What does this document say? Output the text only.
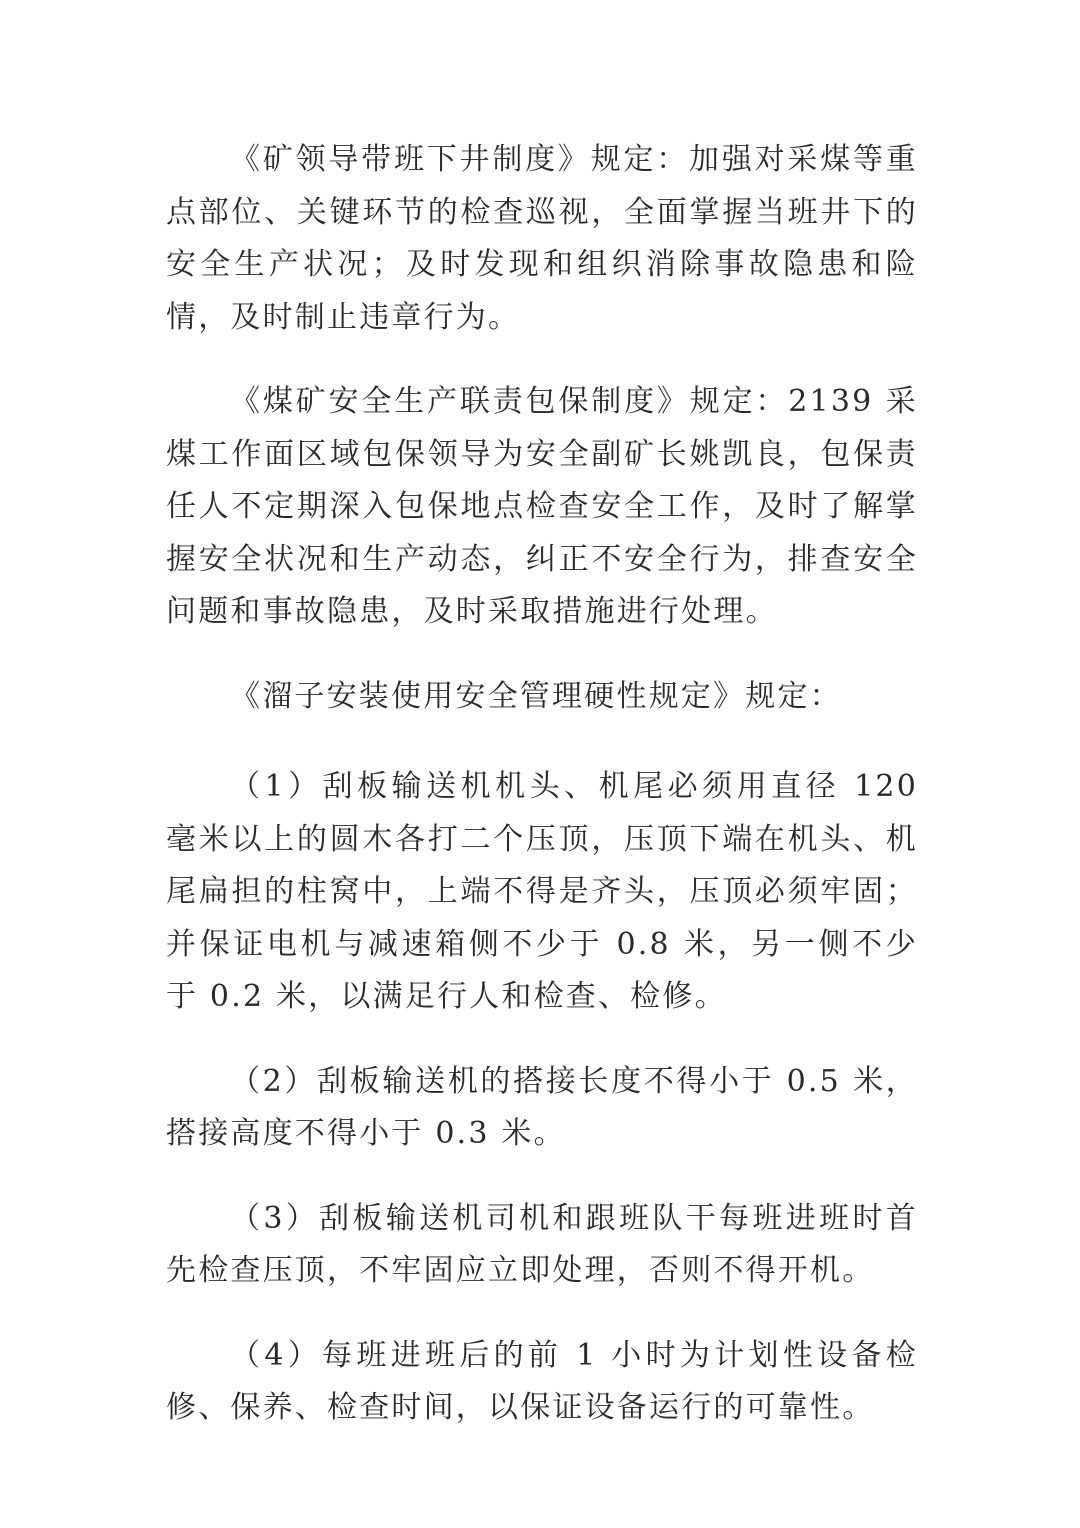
《矿领导带班下井制度》规定：加强对采煤等重点部位、关键环节的检查巡视，全面掌握当班井下的安全生产状况；及时发现和组织消除事故隐患和险情，及时制止违章行为。

《煤矿安全生产联责包保制度》规定：2139 采煤工作面区域包保领导为安全副矿长姚凯良，包保责任人不定期深入包保地点检查安全工作，及时了解掌握安全状况和生产动态，纠正不安全行为，排查安全问题和事故隐患，及时采取措施进行处理。

《溜子安装使用安全管理硬性规定》规定：

（1）刮板输送机机头、机尾必须用直径 120 毫米以上的圆木各打二个压顶，压顶下端在机头、机尾扁担的柱窝中，上端不得是齐头，压顶必须牢固；并保证电机与减速箱侧不少于 0.8 米，另一侧不少于 0.2 米，以满足行人和检查、检修。

（2）刮板输送机的搭接长度不得小于 0.5 米，搭接高度不得小于 0.3 米。

（3）刮板输送机司机和跟班队干每班进班时首先检查压顶，不牢固应立即处理，否则不得开机。

（4）每班进班后的前 1 小时为计划性设备检修、保养、检查时间，以保证设备运行的可靠性。
